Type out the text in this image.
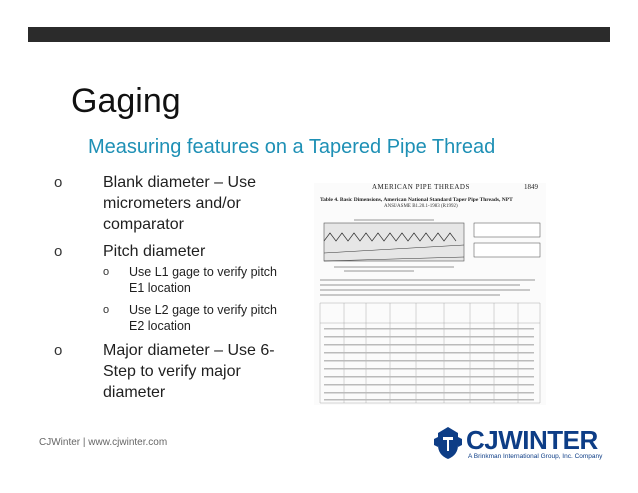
Gaging
Measuring features on a Tapered Pipe Thread
o	Blank diameter – Use micrometers and/or comparator
o	Pitch diameter
o Use L1 gage to verify pitch E1 location
o Use L2 gage to verify pitch E2 location
o	Major diameter – Use 6-Step to verify major diameter
AMERICAN PIPE THREADS	1849
Table 4. Basic Dimensions, American National Standard Taper Pipe Threads, NPT
ANSI/ASME B1.20.1-1983 (R1992)
CJWinter | www.cjwinter.com	CJWINTER
A Brinkman International Group, Inc. Company
